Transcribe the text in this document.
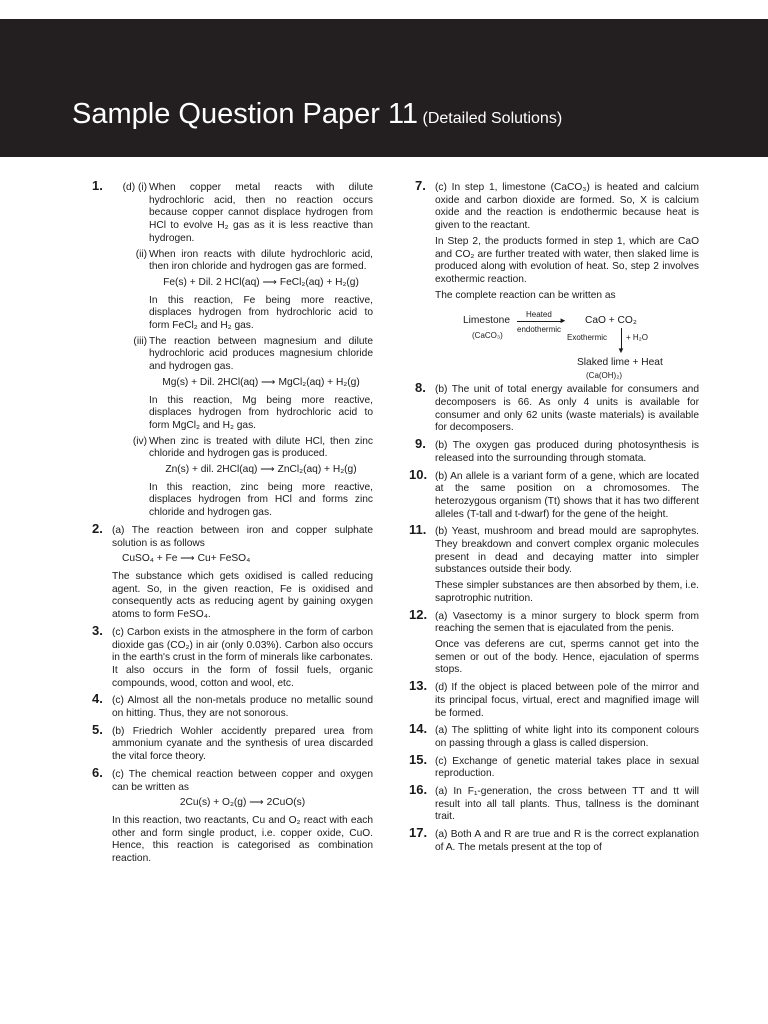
Sample Question Paper 11 (Detailed Solutions)
1. (d) (i) When copper metal reacts with dilute hydrochloric acid, then no reaction occurs because copper cannot displace hydrogen from HCl to evolve H₂ gas as it is less reactive than hydrogen.

(ii) When iron reacts with dilute hydrochloric acid, then iron chloride and hydrogen gas are formed.

Fe(s) + Dil. 2 HCl(aq) ⟶ FeCl₂(aq) + H₂(g)

In this reaction, Fe being more reactive, displaces hydrogen from hydrochloric acid to form FeCl₂ and H₂ gas.

(iii) The reaction between magnesium and dilute hydrochloric acid produces magnesium chloride and hydrogen gas.

Mg(s) + Dil. 2HCl(aq) ⟶ MgCl₂(aq) + H₂(g)

In this reaction, Mg being more reactive, displaces hydrogen from hydrochloric acid to form MgCl₂ and H₂ gas.

(iv) When zinc is treated with dilute HCl, then zinc chloride and hydrogen gas is produced.

Zn(s) + dil. 2HCl(aq) ⟶ ZnCl₂(aq) + H₂(g)

In this reaction, zinc being more reactive, displaces hydrogen from HCl and forms zinc chloride and hydrogen gas.

2. (a) The reaction between iron and copper sulphate solution is as follows

CuSO₄ + Fe ⟶ Cu+ FeSO₄

The substance which gets oxidised is called reducing agent. So, in the given reaction, Fe is oxidised and consequently acts as reducing agent by gaining oxygen atoms to form FeSO₄.

3. (c) Carbon exists in the atmosphere in the form of carbon dioxide gas (CO₂) in air (only 0.03%). Carbon also occurs in the earth's crust in the form of minerals like carbonates. It also occurs in the form of fossil fuels, organic compounds, wood, cotton and wool, etc.

4. (c) Almost all the non-metals produce no metallic sound on hitting. Thus, they are not sonorous.

5. (b) Friedrich Wohler accidently prepared urea from ammonium cyanate and the synthesis of urea discarded the vital force theory.

6. (c) The chemical reaction between copper and oxygen can be written as

2Cu(s) + O₂(g) ⟶ 2CuO(s)

In this reaction, two reactants, Cu and O₂ react with each other and form single product, i.e. copper oxide, CuO. Hence, this reaction is categorised as combination reaction.

7. (c) In step 1, limestone (CaCO₃) is heated and calcium oxide and carbon dioxide are formed. So, X is calcium oxide and the reaction is endothermic because heat is given to the reactant.

In Step 2, the products formed in step 1, which are CaO and CO₂ are further treated with water, then slaked lime is produced along with evolution of heat. So, step 2 involves exothermic reaction.

The complete reaction can be written as

Limestone
(CaCO₃)
Heated
►
endothermic
CaO + CO₂
▼
Exothermic + H₂O
Slaked lime + Heat
(Ca(OH)₂)
8. (b) The unit of total energy available for consumers and decomposers is 66. As only 4 units is available for consumer and only 62 units (waste materials) is available for decomposers.

9. (b) The oxygen gas produced during photosynthesis is released into the surrounding through stomata.

10. (b) An allele is a variant form of a gene, which are located at the same position on a chromosomes. The heterozygous organism (Tt) shows that it has two different alleles (T-tall and t-dwarf) for the gene of the height.

11. (b) Yeast, mushroom and bread mould are saprophytes. They breakdown and convert complex organic molecules present in dead and decaying matter into simpler substances outside their body.

These simpler substances are then absorbed by them, i.e. saprotrophic nutrition.

12. (a) Vasectomy is a minor surgery to block sperm from reaching the semen that is ejaculated from the penis.

Once vas deferens are cut, sperms cannot get into the semen or out of the body. Hence, ejaculation of sperms stops.

13. (d) If the object is placed between pole of the mirror and its principal focus, virtual, erect and magnified image will be formed.

14. (a) The splitting of white light into its component colours on passing through a glass is called dispersion.

15. (c) Exchange of genetic material takes place in sexual reproduction.

16. (a) In F₁-generation, the cross between TT and tt will result into all tall plants. Thus, tallness is the dominant trait.

17. (a) Both A and R are true and R is the correct explanation of A. The metals present at the top of
